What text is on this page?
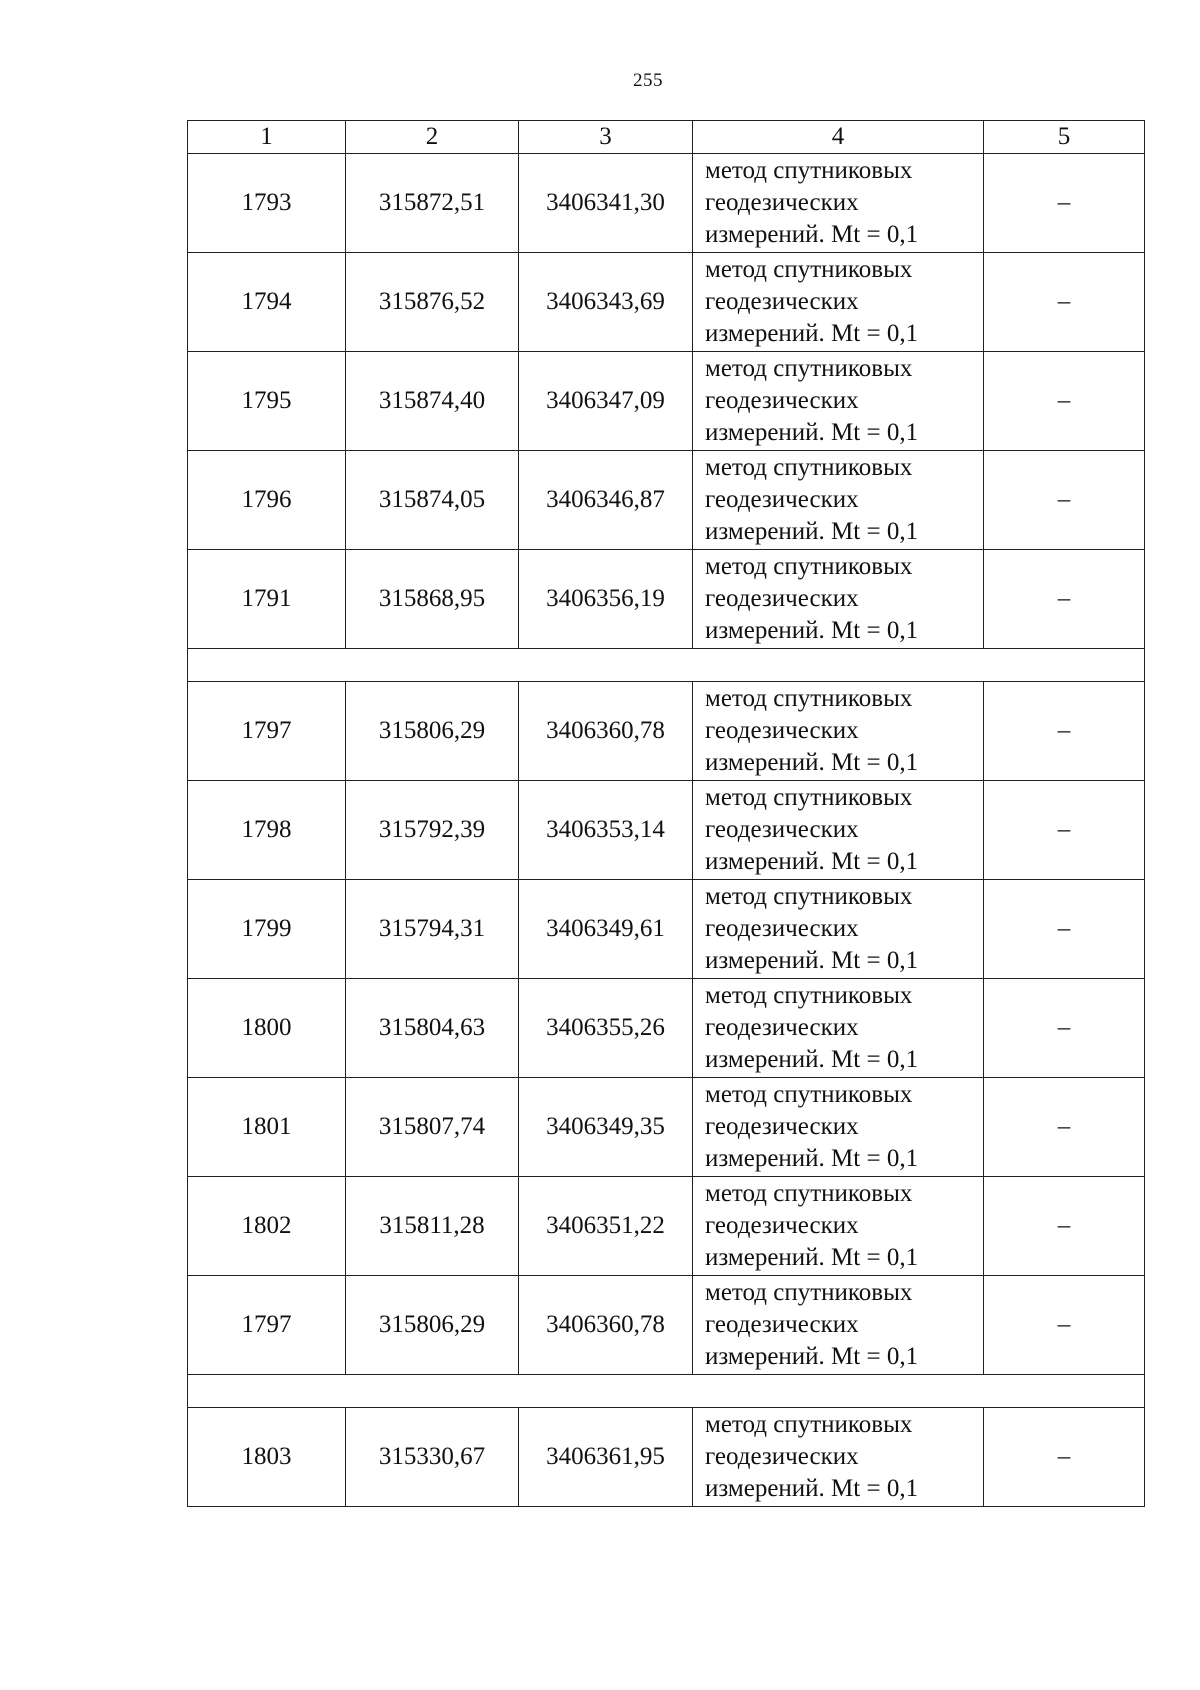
255
1	2	3	4	5
1793	315872,51	3406341,30	метод спутниковых
геодезических
измерений. Mt = 0,1	–
1794	315876,52	3406343,69	метод спутниковых
геодезических
измерений. Mt = 0,1	–
1795	315874,40	3406347,09	метод спутниковых
геодезических
измерений. Mt = 0,1	–
1796	315874,05	3406346,87	метод спутниковых
геодезических
измерений. Mt = 0,1	–
1791	315868,95	3406356,19	метод спутниковых
геодезических
измерений. Mt = 0,1	–

1797	315806,29	3406360,78	метод спутниковых
геодезических
измерений. Mt = 0,1	–
1798	315792,39	3406353,14	метод спутниковых
геодезических
измерений. Mt = 0,1	–
1799	315794,31	3406349,61	метод спутниковых
геодезических
измерений. Mt = 0,1	–
1800	315804,63	3406355,26	метод спутниковых
геодезических
измерений. Mt = 0,1	–
1801	315807,74	3406349,35	метод спутниковых
геодезических
измерений. Mt = 0,1	–
1802	315811,28	3406351,22	метод спутниковых
геодезических
измерений. Mt = 0,1	–
1797	315806,29	3406360,78	метод спутниковых
геодезических
измерений. Mt = 0,1	–

1803	315330,67	3406361,95	метод спутниковых
геодезических
измерений. Mt = 0,1	–
